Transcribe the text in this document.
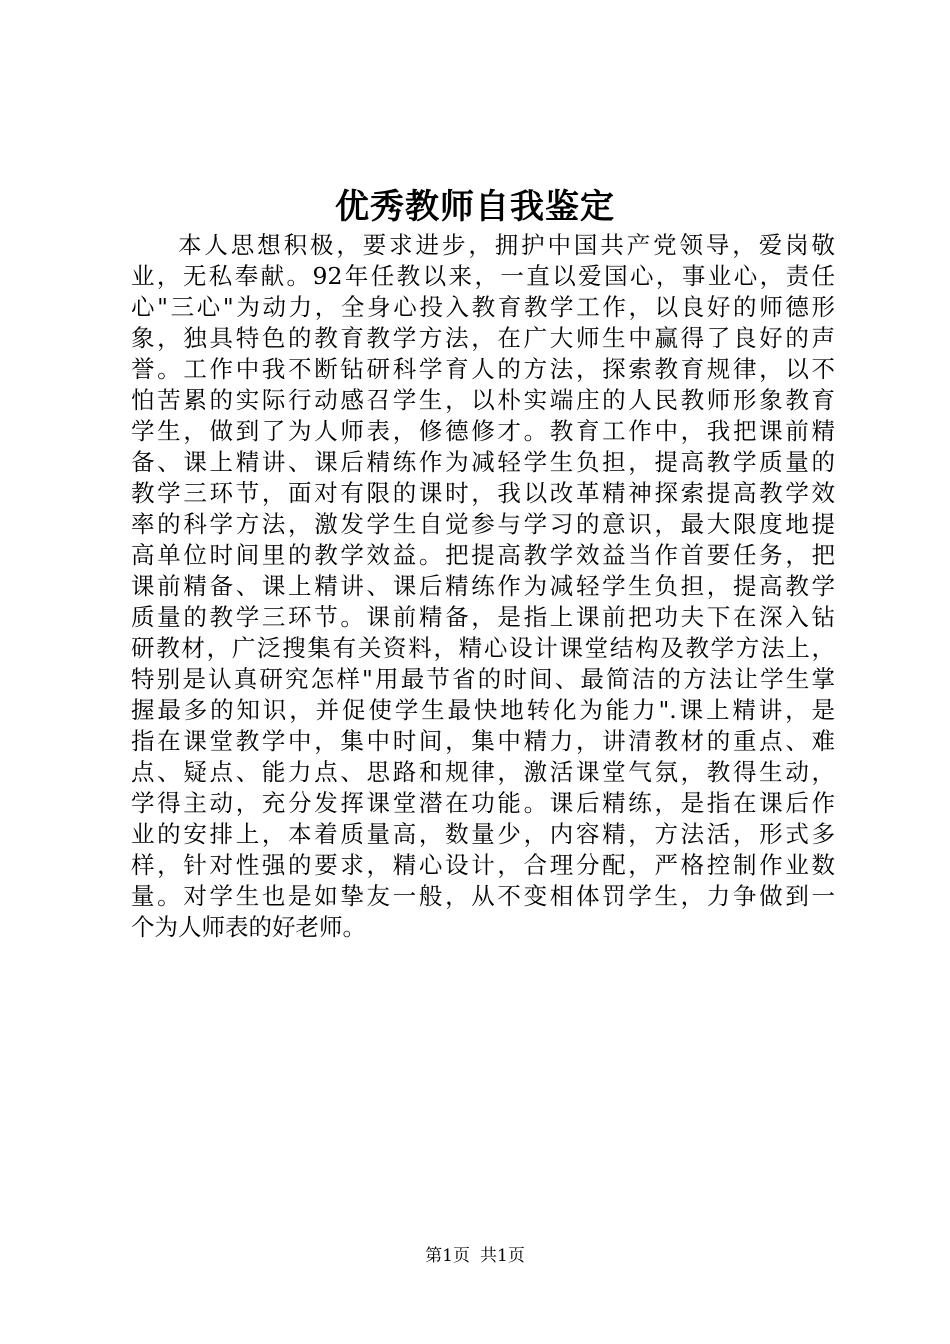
优秀教师自我鉴定
本人思想积极，要求进步，拥护中国共产党领导，爱岗敬
业，无私奉献。92年任教以来，一直以爱国心，事业心，责任
心"三心"为动力，全身心投入教育教学工作，以良好的师德形
象，独具特色的教育教学方法，在广大师生中赢得了良好的声
誉。工作中我不断钻研科学育人的方法，探索教育规律，以不
怕苦累的实际行动感召学生，以朴实端庄的人民教师形象教育
学生，做到了为人师表，修德修才。教育工作中，我把课前精
备、课上精讲、课后精练作为减轻学生负担，提高教学质量的
教学三环节，面对有限的课时，我以改革精神探索提高教学效
率的科学方法，激发学生自觉参与学习的意识，最大限度地提
高单位时间里的教学效益。把提高教学效益当作首要任务，把
课前精备、课上精讲、课后精练作为减轻学生负担，提高教学
质量的教学三环节。课前精备，是指上课前把功夫下在深入钻
研教材，广泛搜集有关资料，精心设计课堂结构及教学方法上，
特别是认真研究怎样"用最节省的时间、最简洁的方法让学生掌
握最多的知识，并促使学生最快地转化为能力".课上精讲，是
指在课堂教学中，集中时间，集中精力，讲清教材的重点、难
点、疑点、能力点、思路和规律，激活课堂气氛，教得生动，
学得主动，充分发挥课堂潜在功能。课后精练，是指在课后作
业的安排上，本着质量高，数量少，内容精，方法活，形式多
样，针对性强的要求，精心设计，合理分配，严格控制作业数
量。对学生也是如挚友一般，从不变相体罚学生，力争做到一
个为人师表的好老师。
第1页 共1页
